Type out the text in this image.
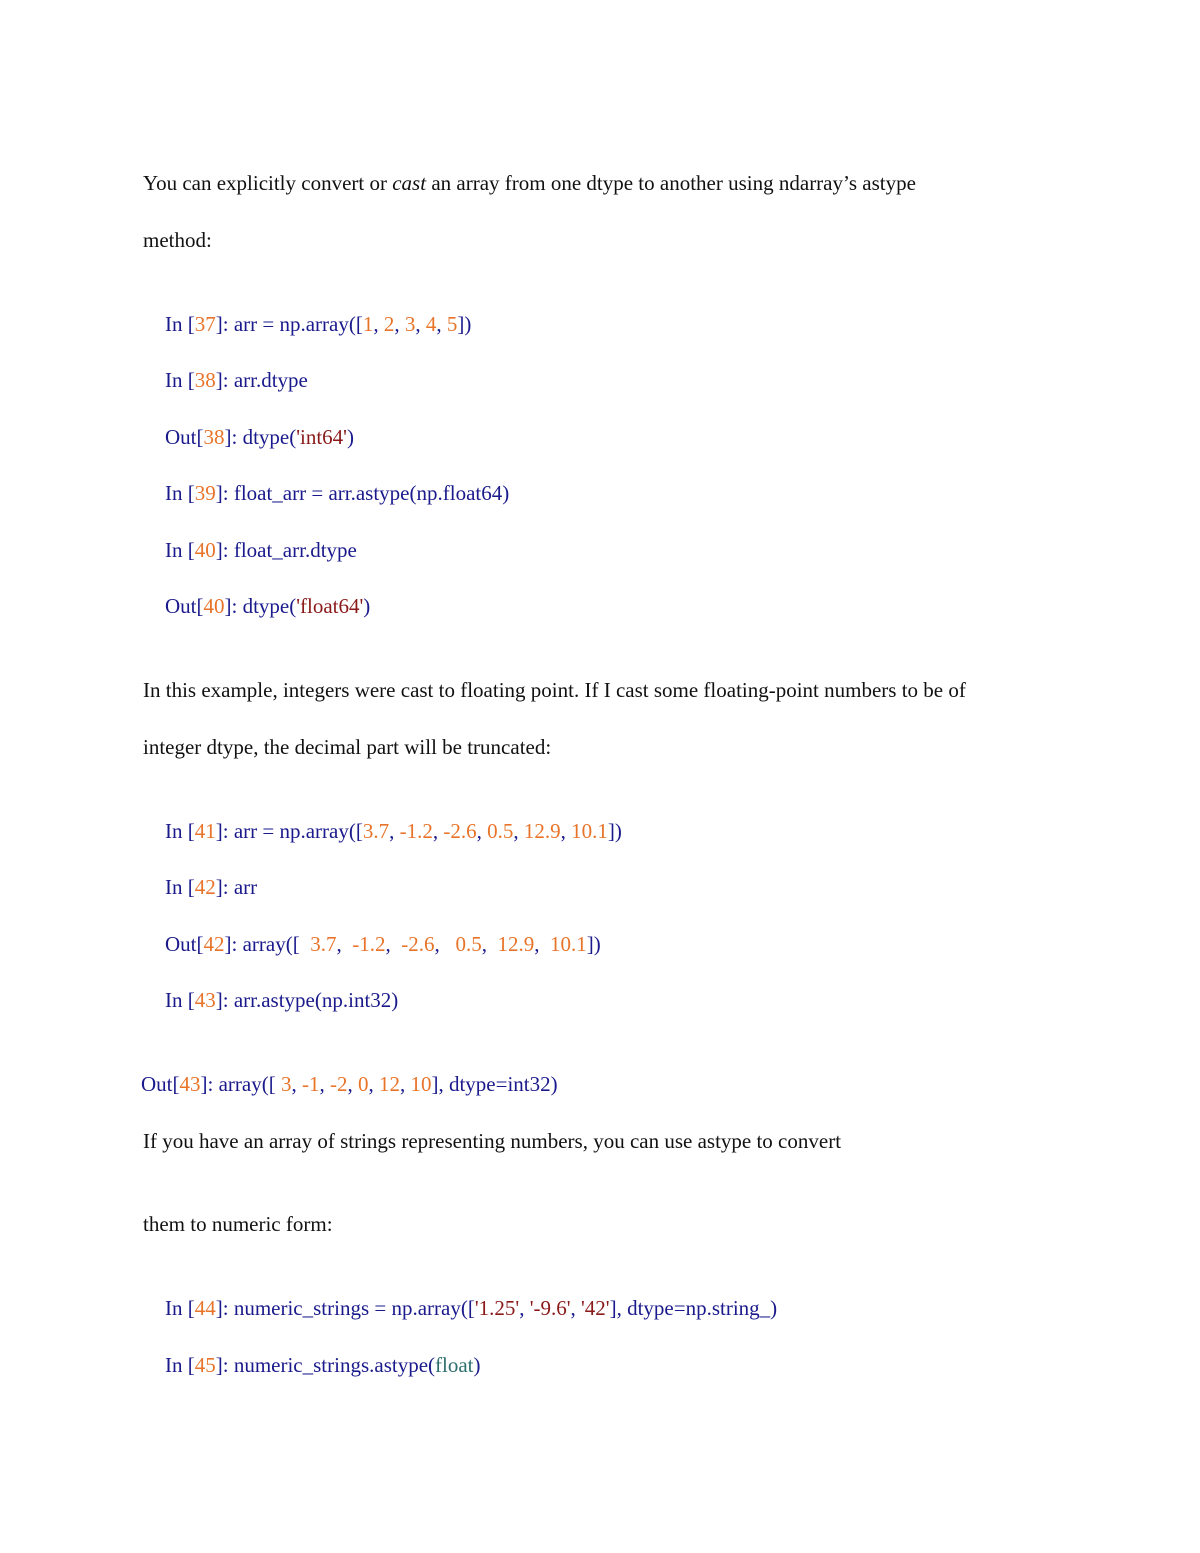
You can explicitly convert or cast an array from one dtype to another using ndarray’s astype
method:
In [37]: arr = np.array([1, 2, 3, 4, 5])
In [38]: arr.dtype
Out[38]: dtype('int64')
In [39]: float_arr = arr.astype(np.float64)
In [40]: float_arr.dtype
Out[40]: dtype('float64')
In this example, integers were cast to floating point. If I cast some floating-point numbers to be of
integer dtype, the decimal part will be truncated:
In [41]: arr = np.array([3.7, -1.2, -2.6, 0.5, 12.9, 10.1])
In [42]: arr
Out[42]: array([  3.7,  -1.2,  -2.6,   0.5,  12.9,  10.1])
In [43]: arr.astype(np.int32)
Out[43]: array([ 3, -1, -2, 0, 12, 10], dtype=int32)
If you have an array of strings representing numbers, you can use astype to convert
them to numeric form:
In [44]: numeric_strings = np.array(['1.25', '-9.6', '42'], dtype=np.string_)
In [45]: numeric_strings.astype(float)
